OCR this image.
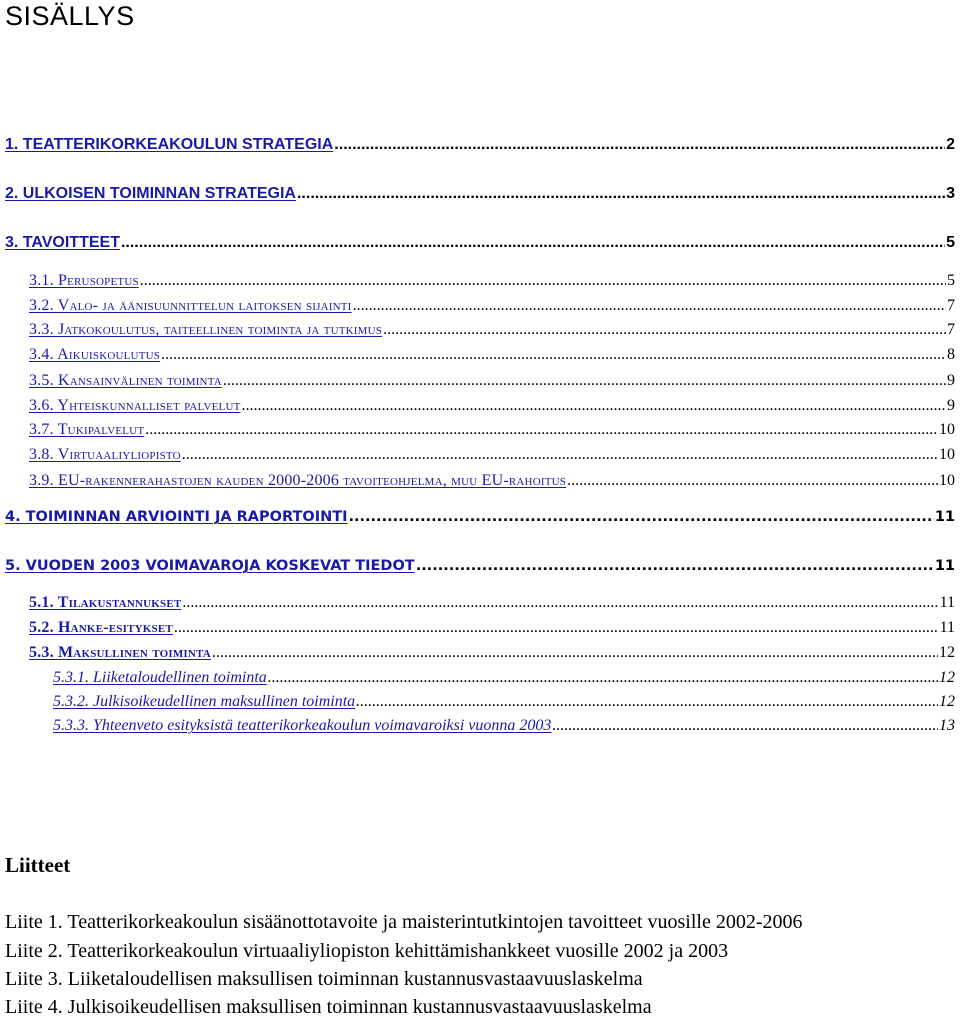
SISÄLLYS
1. TEATTERIKORKEAKOULUN STRATEGIA .....	2
2. ULKOISEN TOIMINNAN STRATEGIA .....	3
3. TAVOITTEET .....	5
3.1. Perusopetus .....	5
3.2. Valo- ja äänisuunnittelun laitoksen sijainti .....	7
3.3. Jatkokoulutus, taiteellinen toiminta ja tutkimus .....	7
3.4. Aikuiskoulutus .....	8
3.5. Kansainvälinen toiminta .....	9
3.6. Yhteiskunnalliset palvelut .....	9
3.7. Tukipalvelut .....	10
3.8. Virtuaaliyliopisto .....	10
3.9. EU-rakennerahastojen kauden 2000-2006 tavoiteohjelma, muu EU-rahoitus .....	10
4. TOIMINNAN ARVIOINTI JA RAPORTOINTI .....	11
5. VUODEN 2003 VOIMAVAROJA KOSKEVAT TIEDOT .....	11
5.1. Tilakustannukset .....	11
5.2. Hanke-esitykset .....	11
5.3. Maksullinen toiminta .....	12
5.3.1. Liiketaloudellinen toiminta .....	12
5.3.2. Julkisoikeudellinen maksullinen toiminta .....	12
5.3.3. Yhteenveto esityksistä teatterikorkeakoulun voimavaroiksi vuonna 2003 .....	13
Liitteet
Liite 1. Teatterikorkeakoulun sisäänottotavoite ja maisterintutkintojen tavoitteet vuosille 2002-2006
Liite 2. Teatterikorkeakoulun virtuaaliyliopiston kehittämishankkeet vuosille 2002 ja 2003
Liite 3. Liiketaloudellisen maksullisen toiminnan kustannusvastaavuuslaskelma
Liite 4. Julkisoikeudellisen maksullisen toiminnan kustannusvastaavuuslaskelma
